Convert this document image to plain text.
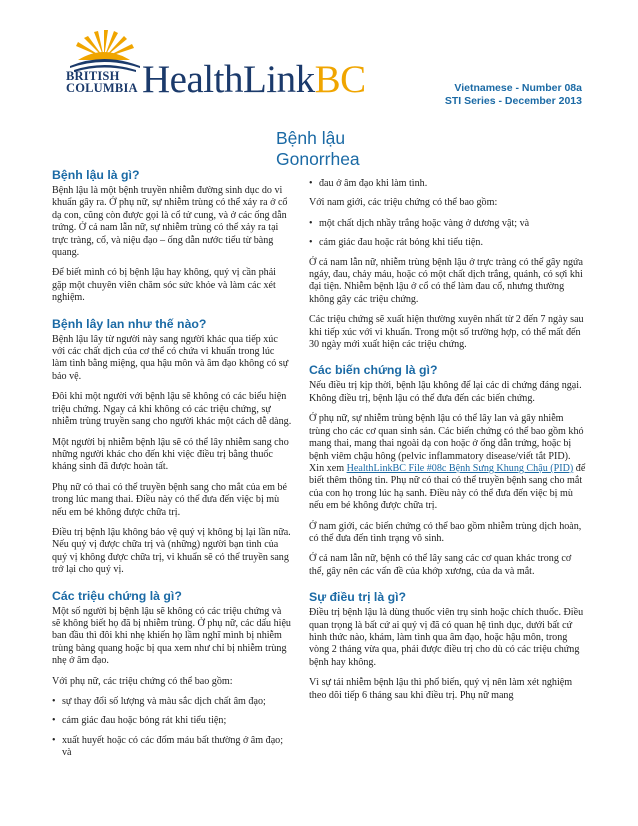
BRITISH
COLUMBIA HealthLinkBC	Vietnamese - Number 08a
STI Series - December 2013
Bệnh lậu
Gonorrhea
Bệnh lậu là gì?

Bệnh lậu là một bệnh truyền nhiễm đường sinh dục do vi khuẩn gây ra. Ở phụ nữ, sự nhiễm trùng có thể xảy ra ở cổ dạ con, cũng còn được gọi là cổ tử cung, và ở các ống dẫn trứng. Ở cả nam lẫn nữ, sự nhiễm trùng có thể xảy ra tại trực tràng, cổ, và niệu đạo – ống dẫn nước tiểu từ bàng quang.

Để biết mình có bị bệnh lậu hay không, quý vị cần phải gặp một chuyên viên chăm sóc sức khỏe và làm các xét nghiệm.

Bệnh lây lan như thế nào?

Bệnh lậu lây từ người này sang người khác qua tiếp xúc với các chất dịch của cơ thể có chứa vi khuẩn trong lúc làm tình bằng miệng, qua hậu môn và âm đạo không có sự bảo vệ.

Đôi khi một người với bệnh lậu sẽ không có các biểu hiện triệu chứng. Ngay cả khi không có các triệu chứng, sự nhiễm trùng truyền sang cho người khác một cách dễ dàng.

Một người bị nhiễm bệnh lậu sẽ có thể lây nhiễm sang cho những người khác cho đến khi việc điều trị bằng thuốc kháng sinh đã được hoàn tất.

Phụ nữ có thai có thể truyền bệnh sang cho mắt của em bé trong lúc mang thai. Điều này có thể đưa đến việc bị mù nếu em bé không được chữa trị.

Điều trị bệnh lậu không bảo vệ quý vị không bị lại lần nữa. Nếu quý vị được chữa trị và (những) người bạn tình của quý vị không được chữa trị, vi khuẩn sẽ có thể truyền sang trở lại cho quý vị.

Các triệu chứng là gì?

Một số người bị bệnh lậu sẽ không có các triệu chứng và sẽ không biết họ đã bị nhiễm trùng. Ở phụ nữ, các dấu hiệu ban đầu thì đôi khi nhẹ khiến họ lầm nghĩ mình bị nhiễm trùng bàng quang hoặc bị qua xem như chỉ bị nhiễm trùng nhẹ ở âm đạo.

Với phụ nữ, các triệu chứng có thể bao gồm:

• sự thay đổi số lượng và màu sắc dịch chất âm đạo;
• cảm giác đau hoặc bỏng rát khi tiểu tiện;
• xuất huyết hoặc có các đốm máu bất thường ở âm đạo; và
• đau ở âm đạo khi làm tình.

Với nam giới, các triệu chứng có thể bao gồm:

• một chất dịch nhầy trắng hoặc vàng ở dương vật; và
• cảm giác đau hoặc rát bỏng khi tiểu tiện.

Ở cả nam lẫn nữ, nhiễm trùng bệnh lậu ở trực tràng có thể gây ngứa ngáy, đau, chảy máu, hoặc có một chất dịch trắng, quánh, có sợi khi đại tiện. Nhiễm bệnh lậu ở cổ có thể làm đau cổ, nhưng thường không gây các triệu chứng.

Các triệu chứng sẽ xuất hiện thường xuyên nhất từ 2 đến 7 ngày sau khi tiếp xúc với vi khuẩn. Trong một số trường hợp, có thể mất đến 30 ngày mới xuất hiện các triệu chứng.

Các biến chứng là gì?

Nếu điều trị kịp thời, bệnh lậu không để lại các di chứng đáng ngại. Không điều trị, bệnh lậu có thể đưa đến các biến chứng.

Ở phụ nữ, sự nhiễm trùng bệnh lậu có thể lây lan và gây nhiễm trùng cho các cơ quan sinh sản. Các biến chứng có thể bao gồm khó mang thai, mang thai ngoài dạ con hoặc ở ống dẫn trứng, hoặc bị bệnh viêm chậu hông (pelvic inflammatory disease/viết tắt PID). Xin xem HealthLinkBC File #08c Bệnh Sưng Khung Chậu (PID) để biết thêm thông tin. Phụ nữ có thai có thể truyền bệnh sang cho mắt của con họ trong lúc hạ sanh. Điều này có thể đưa đến việc bị mù nếu em bé không được chữa trị.

Ở nam giới, các biến chứng có thể bao gồm nhiễm trùng dịch hoàn, có thể đưa đến tình trạng vô sinh.

Ở cả nam lẫn nữ, bệnh có thể lây sang các cơ quan khác trong cơ thể, gây nên các vấn đề của khớp xương, của da và mắt.

Sự điều trị là gì?

Điều trị bệnh lậu là dùng thuốc viên trụ sinh hoặc chích thuốc. Điều quan trọng là bất cứ ai quý vị đã có quan hệ tình dục, dưới bất cứ hình thức nào, khám, làm tình qua âm đạo, hoặc hậu môn, trong vòng 2 tháng vừa qua, phải được điều trị cho dù có các triệu chứng bệnh hay không.

Vì sự tái nhiễm bệnh lậu thì phổ biến, quý vị nên làm xét nghiệm theo dõi tiếp 6 tháng sau khi điều trị. Phụ nữ mang
